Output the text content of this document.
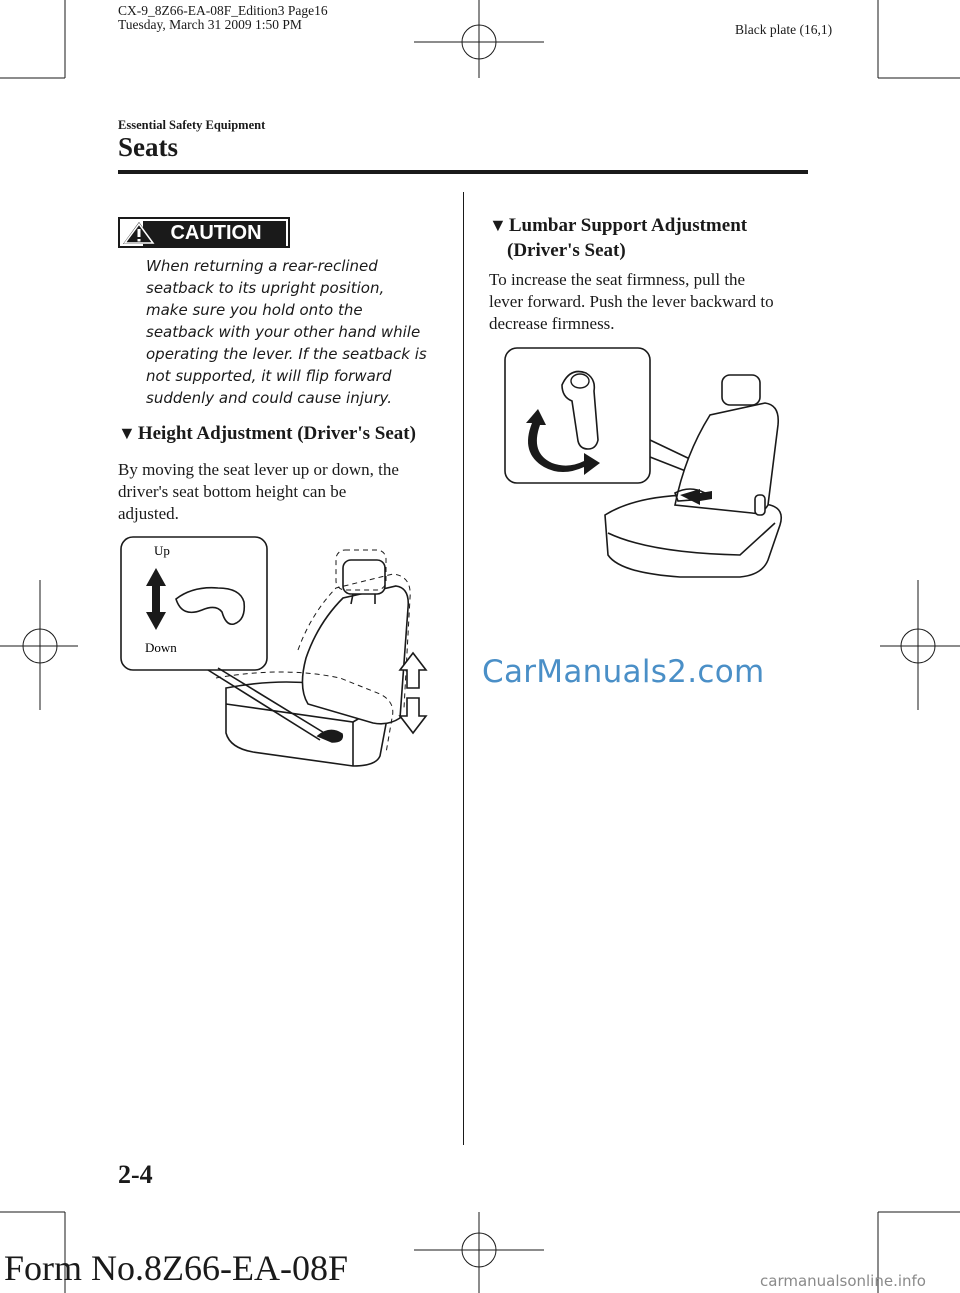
CX-9_8Z66-EA-08F_Edition3 Page16
Tuesday, March 31 2009 1:50 PM	Black plate (16,1)
Essential Safety Equipment
Seats
CAUTION
When returning a rear-reclined
seatback to its upright position,
make sure you hold onto the
seatback with your other hand while
operating the lever. If the seatback is
not supported, it will flip forward
suddenly and could cause injury.
▼ Height Adjustment (Driver's Seat)
By moving the seat lever up or down, the
driver's seat bottom height can be
adjusted.
Up
Down
▼ Lumbar Support Adjustment
(Driver's Seat)
To increase the seat firmness, pull the
lever forward. Push the lever backward to
decrease firmness.
CarManuals2.com
2-4
Form No.8Z66-EA-08F	carmanualsonline.info
